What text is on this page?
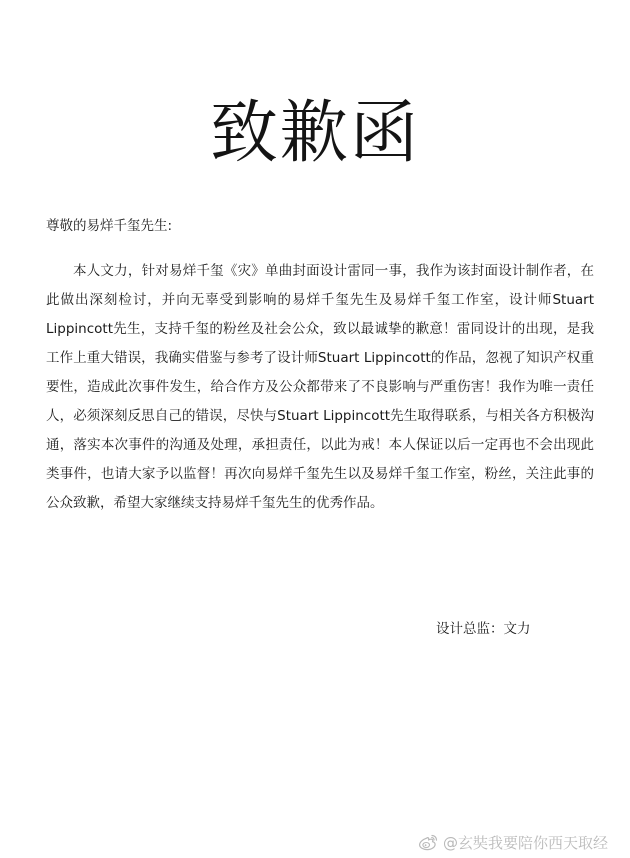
致歉函
尊敬的易烊千玺先生:

本人文力，针对易烊千玺《灾》单曲封面设计雷同一事，我作为该封面设计制作者，在此做出深刻检讨，并向无辜受到影响的易烊千玺先生及易烊千玺工作室，设计师Stuart Lippincott先生，支持千玺的粉丝及社会公众，致以最诚挚的歉意！雷同设计的出现，是我工作上重大错误，我确实借鉴与参考了设计师Stuart Lippincott的作品，忽视了知识产权重要性，造成此次事件发生，给合作方及公众都带来了不良影响与严重伤害！我作为唯一责任人，必须深刻反思自己的错误，尽快与Stuart Lippincott先生取得联系，与相关各方积极沟通，落实本次事件的沟通及处理，承担责任，以此为戒！本人保证以后一定再也不会出现此类事件，也请大家予以监督！再次向易烊千玺先生以及易烊千玺工作室，粉丝，关注此事的公众致歉，希望大家继续支持易烊千玺先生的优秀作品。

设计总监：文力
@玄奘我要陪你西天取经
